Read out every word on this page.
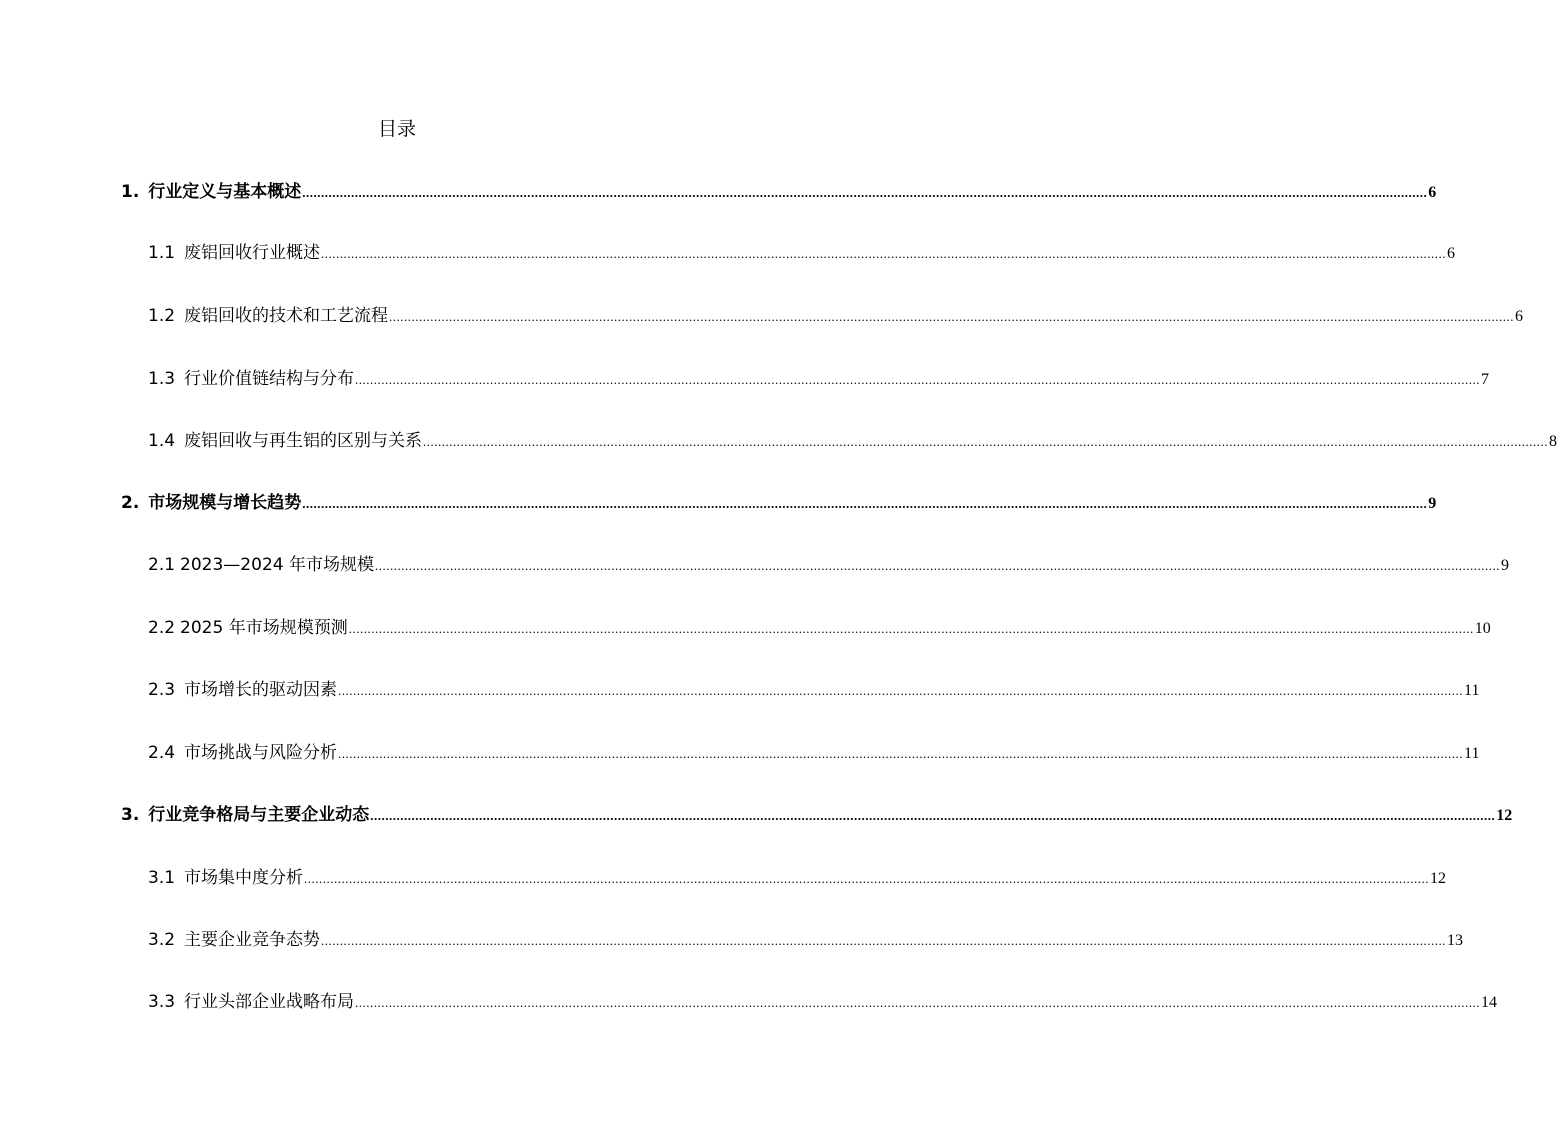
目录
1. 行业定义与基本概述 ............................................................................................................................................................................................................................................................................................................ 6
1.1 废铝回收行业概述 ............................................................................................................................................................................................................................................................................................................ 6
1.2 废铝回收的技术和工艺流程 ............................................................................................................................................................................................................................................................................................................ 6
1.3 行业价值链结构与分布 ............................................................................................................................................................................................................................................................................................................ 7
1.4 废铝回收与再生铝的区别与关系 ............................................................................................................................................................................................................................................................................................................ 8
2. 市场规模与增长趋势 ............................................................................................................................................................................................................................................................................................................ 9
2.1 2023—2024 年市场规模 ............................................................................................................................................................................................................................................................................................................ 9
2.2 2025 年市场规模预测 ............................................................................................................................................................................................................................................................................................................ 10
2.3 市场增长的驱动因素 ............................................................................................................................................................................................................................................................................................................ 11
2.4 市场挑战与风险分析 ............................................................................................................................................................................................................................................................................................................ 11
3. 行业竞争格局与主要企业动态 ............................................................................................................................................................................................................................................................................................................ 12
3.1 市场集中度分析 ............................................................................................................................................................................................................................................................................................................ 12
3.2 主要企业竞争态势 ............................................................................................................................................................................................................................................................................................................ 13
3.3 行业头部企业战略布局 ............................................................................................................................................................................................................................................................................................................ 14
